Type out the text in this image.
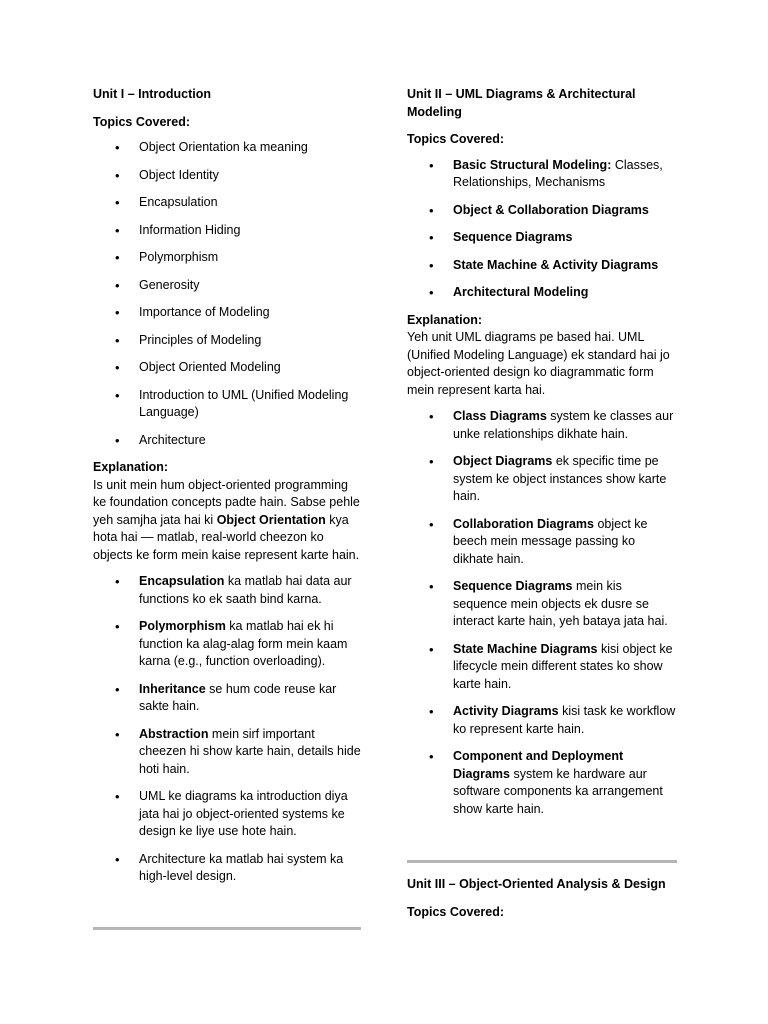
Unit I – Introduction

Topics Covered:

• Object Orientation ka meaning
• Object Identity
• Encapsulation
• Information Hiding
• Polymorphism
• Generosity
• Importance of Modeling
• Principles of Modeling
• Object Oriented Modeling
• Introduction to UML (Unified Modeling Language)
• Architecture

Explanation:

Is unit mein hum object-oriented programming ke foundation concepts padte hain. Sabse pehle yeh samjha jata hai ki Object Orientation kya hota hai — matlab, real-world cheezon ko objects ke form mein kaise represent karte hain.

• Encapsulation ka matlab hai data aur functions ko ek saath bind karna.
• Polymorphism ka matlab hai ek hi function ka alag-alag form mein kaam karna (e.g., function overloading).
• Inheritance se hum code reuse kar sakte hain.
• Abstraction mein sirf important cheezen hi show karte hain, details hide hoti hain.
• UML ke diagrams ka introduction diya jata hai jo object-oriented systems ke design ke liye use hote hain.
• Architecture ka matlab hai system ka high-level design.

Unit II – UML Diagrams & Architectural Modeling

Topics Covered:

• Basic Structural Modeling: Classes, Relationships, Mechanisms
• Object & Collaboration Diagrams
• Sequence Diagrams
• State Machine & Activity Diagrams
• Architectural Modeling

Explanation:

Yeh unit UML diagrams pe based hai. UML (Unified Modeling Language) ek standard hai jo object-oriented design ko diagrammatic form mein represent karta hai.

• Class Diagrams system ke classes aur unke relationships dikhate hain.
• Object Diagrams ek specific time pe system ke object instances show karte hain.
• Collaboration Diagrams object ke beech mein message passing ko dikhate hain.
• Sequence Diagrams mein kis sequence mein objects ek dusre se interact karte hain, yeh bataya jata hai.
• State Machine Diagrams kisi object ke lifecycle mein different states ko show karte hain.
• Activity Diagrams kisi task ke workflow ko represent karte hain.
• Component and Deployment Diagrams system ke hardware aur software components ka arrangement show karte hain.

Unit III – Object-Oriented Analysis & Design

Topics Covered:
